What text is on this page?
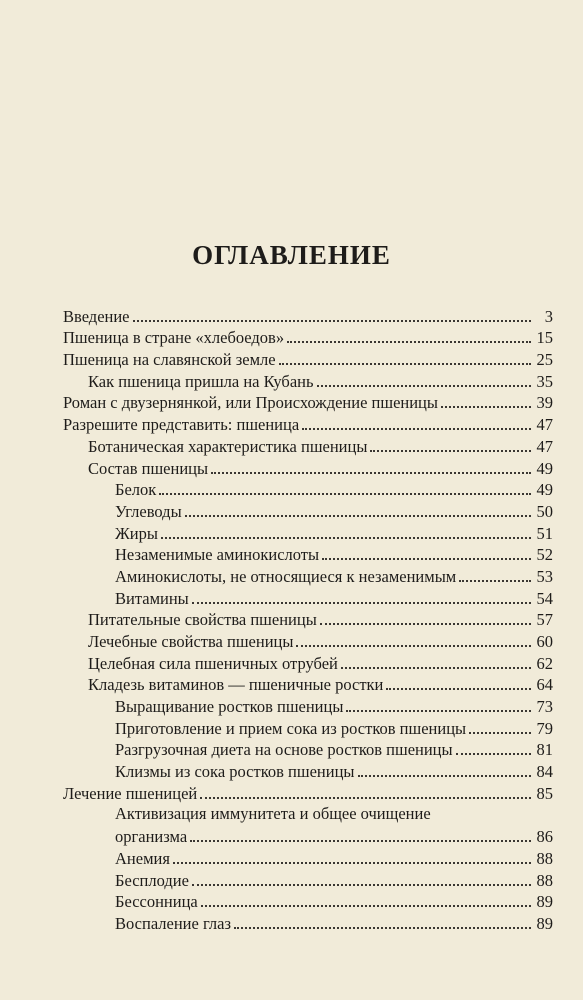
ОГЛАВЛЕНИЕ
Введение	3
Пшеница в стране «хлебоедов»	15
Пшеница на славянской земле	25
Как пшеница пришла на Кубань	35
Роман с двузернянкой, или Происхождение пшеницы	39
Разрешите представить: пшеница	47
Ботаническая характеристика пшеницы	47
Состав пшеницы	49
Белок	49
Углеводы	50
Жиры	51
Незаменимые аминокислоты	52
Аминокислоты, не относящиеся к незаменимым	53
Витамины	54
Питательные свойства пшеницы	57
Лечебные свойства пшеницы	60
Целебная сила пшеничных отрубей	62
Кладезь витаминов — пшеничные ростки	64
Выращивание ростков пшеницы	73
Приготовление и прием сока из ростков пшеницы	79
Разгрузочная диета на основе ростков пшеницы	81
Клизмы из сока ростков пшеницы	84
Лечение пшеницей	85
Активизация иммунитета и общее очищение
организма	86
Анемия	88
Бесплодие	88
Бессонница	89
Воспаление глаз	89
